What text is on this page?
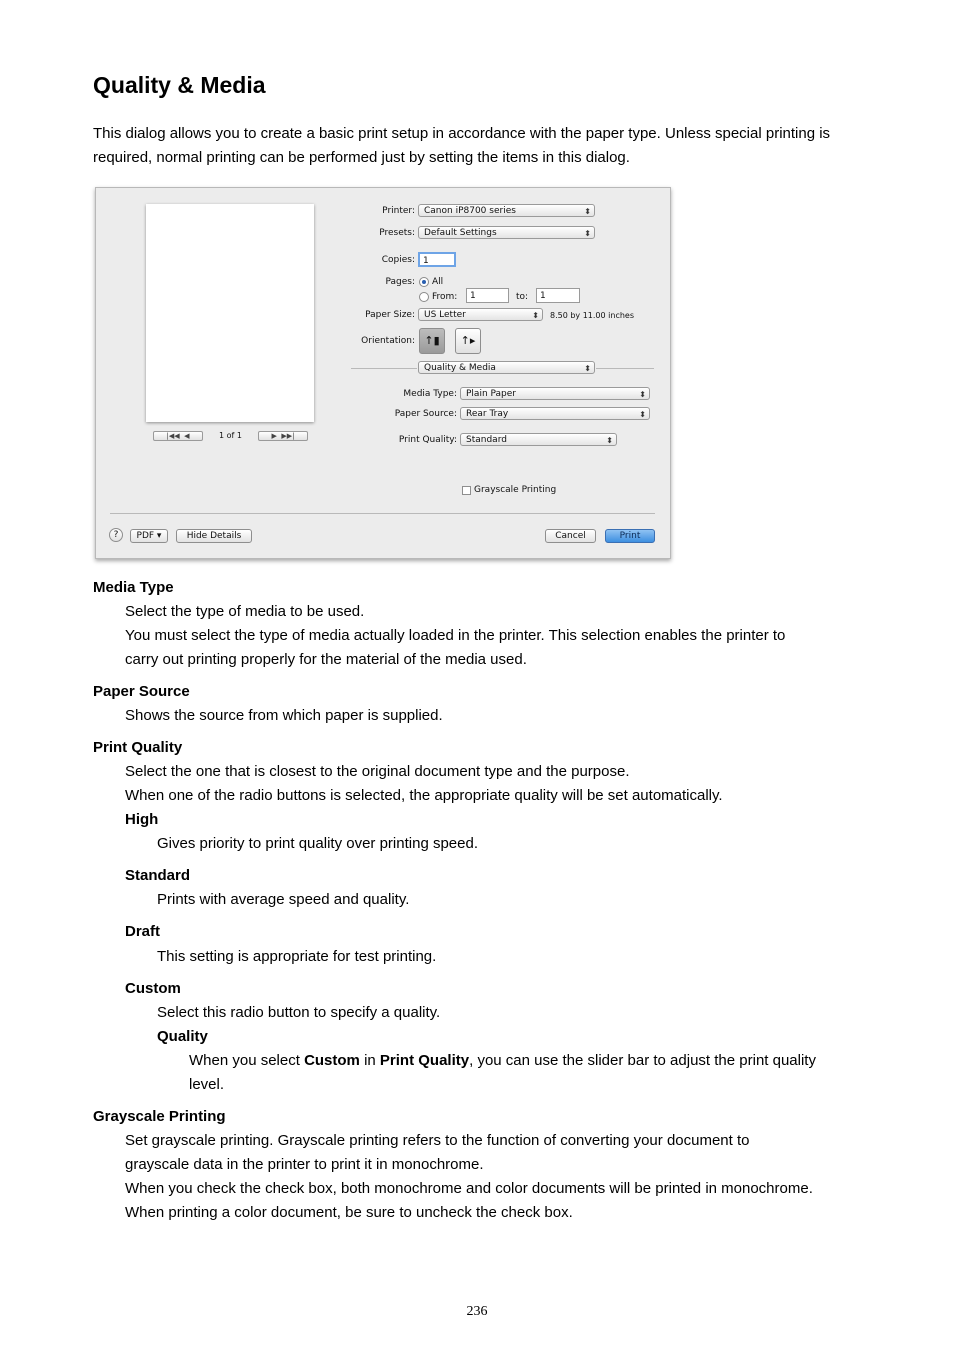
Quality & Media

This dialog allows you to create a basic print setup in accordance with the paper type. Unless special printing is required, normal printing can be performed just by setting the items in this dialog.

|◀◀  ◀	1 of 1	▶  ▶▶|
Printer:	Canon iP8700 series	⬍
Presets:	Default Settings	⬍
Copies: 1
Pages: All
From:	1	to:	1
Paper Size:	US Letter	⬍ 8.50 by 11.00 inches
Orientation: ↑▮	↑▸
Quality & Media	⬍
Media Type:	Plain Paper	⬍
Paper Source:	Rear Tray	⬍
Print Quality:	Standard	⬍
Grayscale Printing
?	PDF ▾	Hide Details	Cancel	Print
Media Type
Select the type of media to be used.
You must select the type of media actually loaded in the printer. This selection enables the printer to
carry out printing properly for the material of the media used.
Paper Source
Shows the source from which paper is supplied.
Print Quality
Select the one that is closest to the original document type and the purpose.
When one of the radio buttons is selected, the appropriate quality will be set automatically.
High
Gives priority to print quality over printing speed.
Standard
Prints with average speed and quality.
Draft
This setting is appropriate for test printing.
Custom
Select this radio button to specify a quality.
Quality
When you select Custom in Print Quality, you can use the slider bar to adjust the print quality
level.
Grayscale Printing
Set grayscale printing. Grayscale printing refers to the function of converting your document to
grayscale data in the printer to print it in monochrome.
When you check the check box, both monochrome and color documents will be printed in monochrome.
When printing a color document, be sure to uncheck the check box.
236
